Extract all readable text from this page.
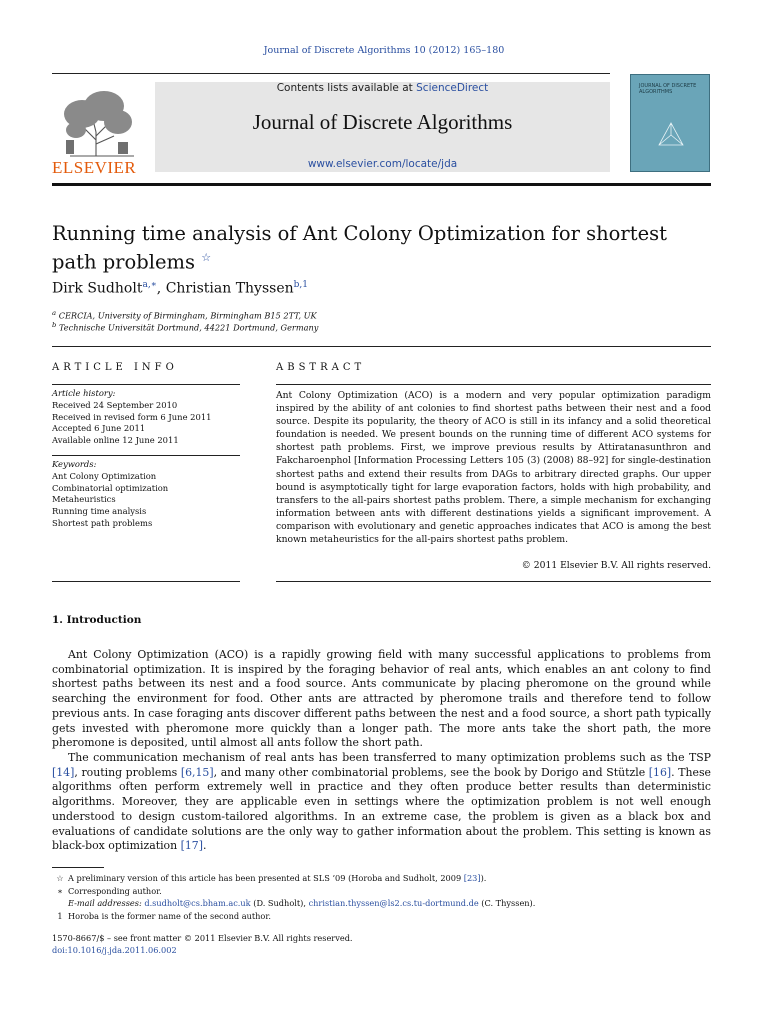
Journal of Discrete Algorithms 10 (2012) 165–180
ELSEVIER
Contents lists available at ScienceDirect
Journal of Discrete Algorithms
www.elsevier.com/locate/jda
JOURNAL OF DISCRETE ALGORITHMS
Running time analysis of Ant Colony Optimization for shortest path problems ☆
Dirk Sudholt$^{a,∗}$, Christian Thyssen$^{b,1}$
$^a$ CERCIA, University of Birmingham, Birmingham B15 2TT, UK
$^b$ Technische Universität Dortmund, 44221 Dortmund, Germany
ARTICLE INFO	ABSTRACT
Article history:
Received 24 September 2010
Received in revised form 6 June 2011
Accepted 6 June 2011
Available online 12 June 2011
Keywords:
Ant Colony Optimization
Combinatorial optimization
Metaheuristics
Running time analysis
Shortest path problems
Ant Colony Optimization (ACO) is a modern and very popular optimization paradigm inspired by the ability of ant colonies to find shortest paths between their nest and a food source. Despite its popularity, the theory of ACO is still in its infancy and a solid theoretical foundation is needed. We present bounds on the running time of different ACO systems for shortest path problems. First, we improve previous results by Attiratanasunthron and Fakcharoenphol [Information Processing Letters 105 (3) (2008) 88–92] for single-destination shortest paths and extend their results from DAGs to arbitrary directed graphs. Our upper bound is asymptotically tight for large evaporation factors, holds with high probability, and transfers to the all-pairs shortest paths problem. There, a simple mechanism for exchanging information between ants with different destinations yields a significant improvement. A comparison with evolutionary and genetic approaches indicates that ACO is among the best known metaheuristics for the all-pairs shortest paths problem.
© 2011 Elsevier B.V. All rights reserved.
1. Introduction
Ant Colony Optimization (ACO) is a rapidly growing field with many successful applications to problems from combinatorial optimization. It is inspired by the foraging behavior of real ants, which enables an ant colony to find shortest paths between its nest and a food source. Ants communicate by placing pheromone on the ground while searching the environment for food. Other ants are attracted by pheromone trails and therefore tend to follow previous ants. In case foraging ants discover different paths between the nest and a food source, a short path typically gets invested with pheromone more quickly than a longer path. The more ants take the short path, the more pheromone is deposited, until almost all ants follow the short path.
The communication mechanism of real ants has been transferred to many optimization problems such as the TSP [14], routing problems [6,15], and many other combinatorial problems, see the book by Dorigo and Stützle [16]. These algorithms often perform extremely well in practice and they often produce better results than deterministic algorithms. Moreover, they are applicable even in settings where the optimization problem is not well enough understood to design custom-tailored algorithms. In an extreme case, the problem is given as a black box and evaluations of candidate solutions are the only way to gather information about the problem. This setting is known as black-box optimization [17].
☆ A preliminary version of this article has been presented at SLS ’09 (Horoba and Sudholt, 2009 [23]).
∗ Corresponding author.
E-mail addresses: d.sudholt@cs.bham.ac.uk (D. Sudholt), christian.thyssen@ls2.cs.tu-dortmund.de (C. Thyssen).
1 Horoba is the former name of the second author.
1570-8667/$ – see front matter © 2011 Elsevier B.V. All rights reserved.
doi:10.1016/j.jda.2011.06.002
